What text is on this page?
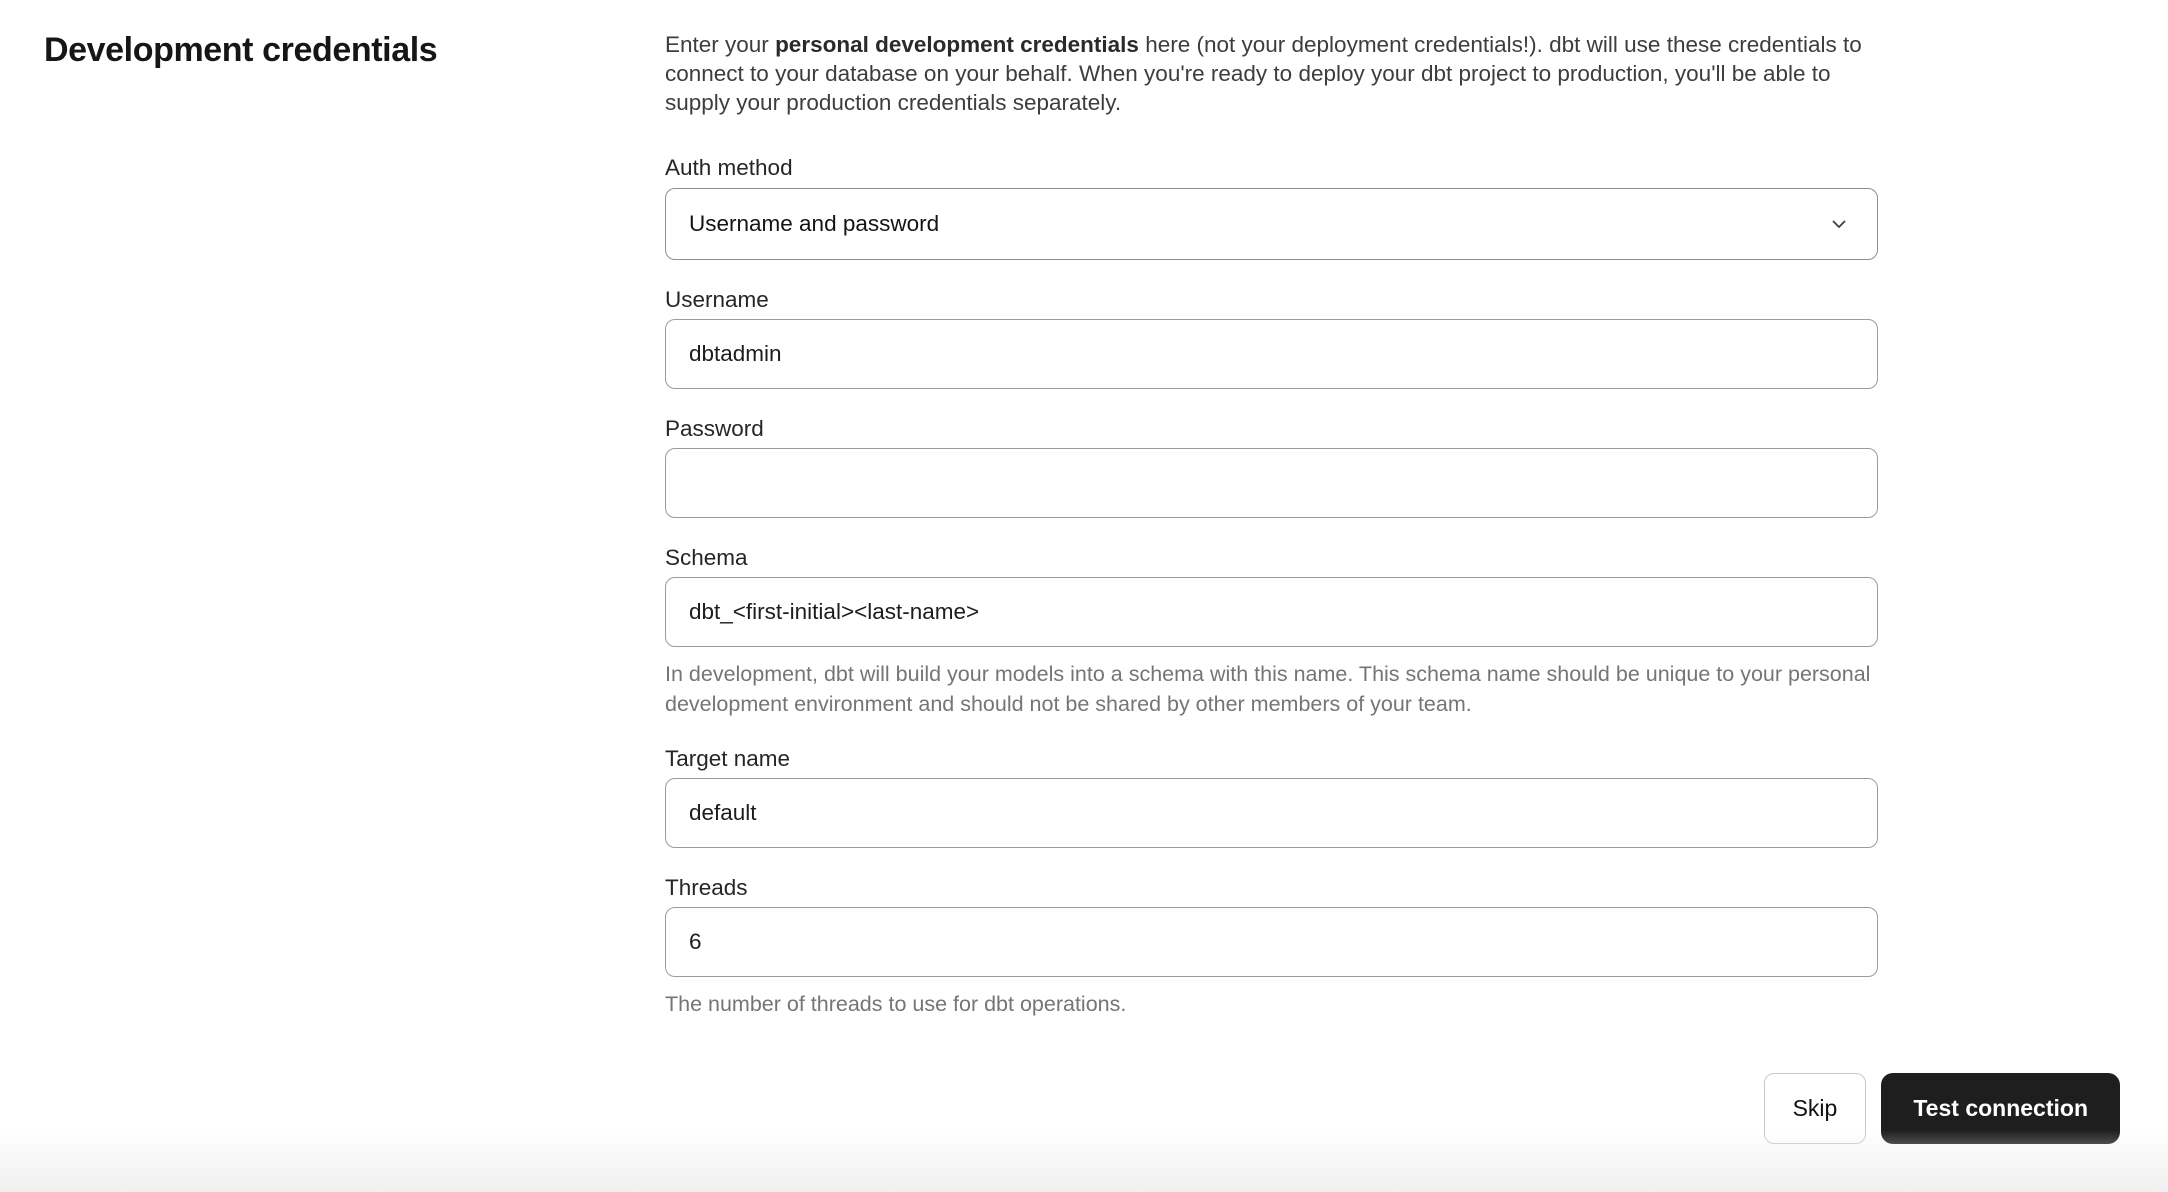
Development credentials	Enter your personal development credentials here (not your deployment credentials!). dbt will use these credentials to connect to your database on your behalf. When you're ready to deploy your dbt project to production, you'll be able to supply your production credentials separately.

Auth method
Username and password
Username
dbtadmin
Password
Schema
dbt_<first-initial><last-name>
In development, dbt will build your models into a schema with this name. This schema name should be unique to your personal development environment and should not be shared by other members of your team.
Target name
default
Threads
6
The number of threads to use for dbt operations.
Skip	Test connection
